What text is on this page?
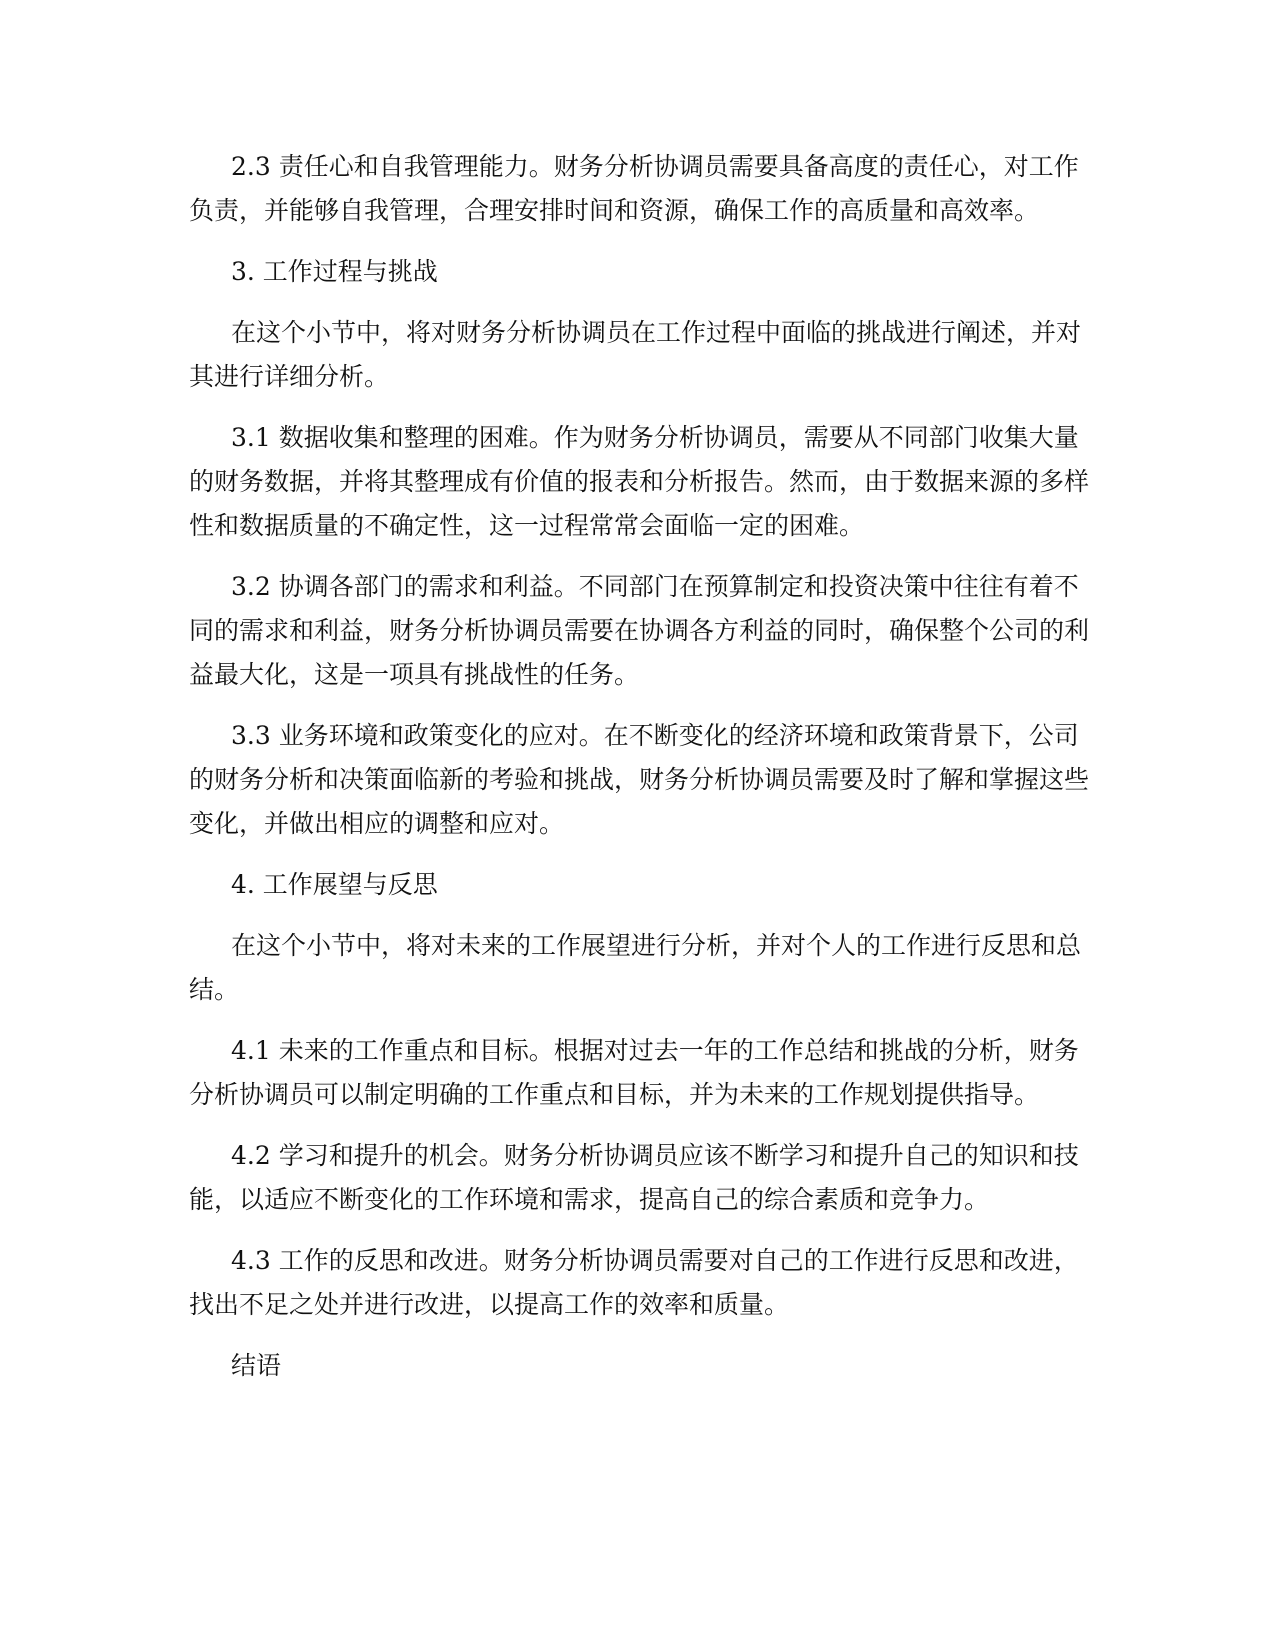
2.3 责任心和自我管理能力。财务分析协调员需要具备高度的责任心，对工作负责，并能够自我管理，合理安排时间和资源，确保工作的高质量和高效率。

3. 工作过程与挑战

在这个小节中，将对财务分析协调员在工作过程中面临的挑战进行阐述，并对其进行详细分析。

3.1 数据收集和整理的困难。作为财务分析协调员，需要从不同部门收集大量的财务数据，并将其整理成有价值的报表和分析报告。然而，由于数据来源的多样性和数据质量的不确定性，这一过程常常会面临一定的困难。

3.2 协调各部门的需求和利益。不同部门在预算制定和投资决策中往往有着不同的需求和利益，财务分析协调员需要在协调各方利益的同时，确保整个公司的利益最大化，这是一项具有挑战性的任务。

3.3 业务环境和政策变化的应对。在不断变化的经济环境和政策背景下，公司的财务分析和决策面临新的考验和挑战，财务分析协调员需要及时了解和掌握这些变化，并做出相应的调整和应对。

4. 工作展望与反思

在这个小节中，将对未来的工作展望进行分析，并对个人的工作进行反思和总结。

4.1 未来的工作重点和目标。根据对过去一年的工作总结和挑战的分析，财务分析协调员可以制定明确的工作重点和目标，并为未来的工作规划提供指导。

4.2 学习和提升的机会。财务分析协调员应该不断学习和提升自己的知识和技能，以适应不断变化的工作环境和需求，提高自己的综合素质和竞争力。

4.3 工作的反思和改进。财务分析协调员需要对自己的工作进行反思和改进，找出不足之处并进行改进，以提高工作的效率和质量。

结语
